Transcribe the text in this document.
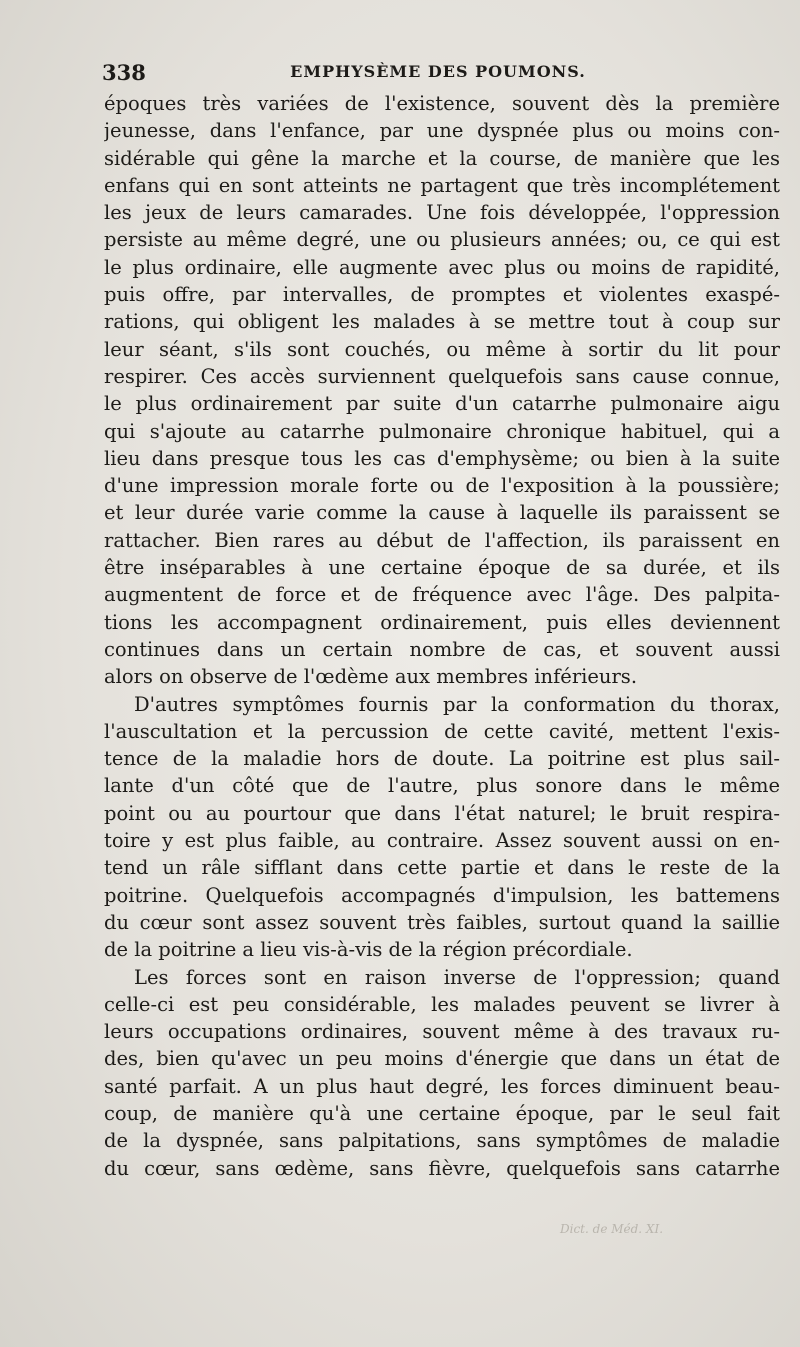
338	EMPHYSÈME DES POUMONS.
époques très variées de l'existence, souvent dès la première
jeunesse, dans l'enfance, par une dyspnée plus ou moins con-
sidérable qui gêne la marche et la course, de manière que les
enfans qui en sont atteints ne partagent que très incomplétement
les jeux de leurs camarades. Une fois développée, l'oppression
persiste au même degré, une ou plusieurs années; ou, ce qui est
le plus ordinaire, elle augmente avec plus ou moins de rapidité,
puis offre, par intervalles, de promptes et violentes exaspé-
rations, qui obligent les malades à se mettre tout à coup sur
leur séant, s'ils sont couchés, ou même à sortir du lit pour
respirer. Ces accès surviennent quelquefois sans cause connue,
le plus ordinairement par suite d'un catarrhe pulmonaire aigu
qui s'ajoute au catarrhe pulmonaire chronique habituel, qui a
lieu dans presque tous les cas d'emphysème; ou bien à la suite
d'une impression morale forte ou de l'exposition à la poussière;
et leur durée varie comme la cause à laquelle ils paraissent se
rattacher. Bien rares au début de l'affection, ils paraissent en
être inséparables à une certaine époque de sa durée, et ils
augmentent de force et de fréquence avec l'âge. Des palpita-
tions les accompagnent ordinairement, puis elles deviennent
continues dans un certain nombre de cas, et souvent aussi
alors on observe de l'œdème aux membres inférieurs.
D'autres symptômes fournis par la conformation du thorax,
l'auscultation et la percussion de cette cavité, mettent l'exis-
tence de la maladie hors de doute. La poitrine est plus sail-
lante d'un côté que de l'autre, plus sonore dans le même
point ou au pourtour que dans l'état naturel; le bruit respira-
toire y est plus faible, au contraire. Assez souvent aussi on en-
tend un râle sifflant dans cette partie et dans le reste de la
poitrine. Quelquefois accompagnés d'impulsion, les battemens
du cœur sont assez souvent très faibles, surtout quand la saillie
de la poitrine a lieu vis-à-vis de la région précordiale.
Les forces sont en raison inverse de l'oppression; quand
celle-ci est peu considérable, les malades peuvent se livrer à
leurs occupations ordinaires, souvent même à des travaux ru-
des, bien qu'avec un peu moins d'énergie que dans un état de
santé parfait. A un plus haut degré, les forces diminuent beau-
coup, de manière qu'à une certaine époque, par le seul fait
de la dyspnée, sans palpitations, sans symptômes de maladie
du cœur, sans œdème, sans fièvre, quelquefois sans catarrhe
Dict. de Méd. XI.
